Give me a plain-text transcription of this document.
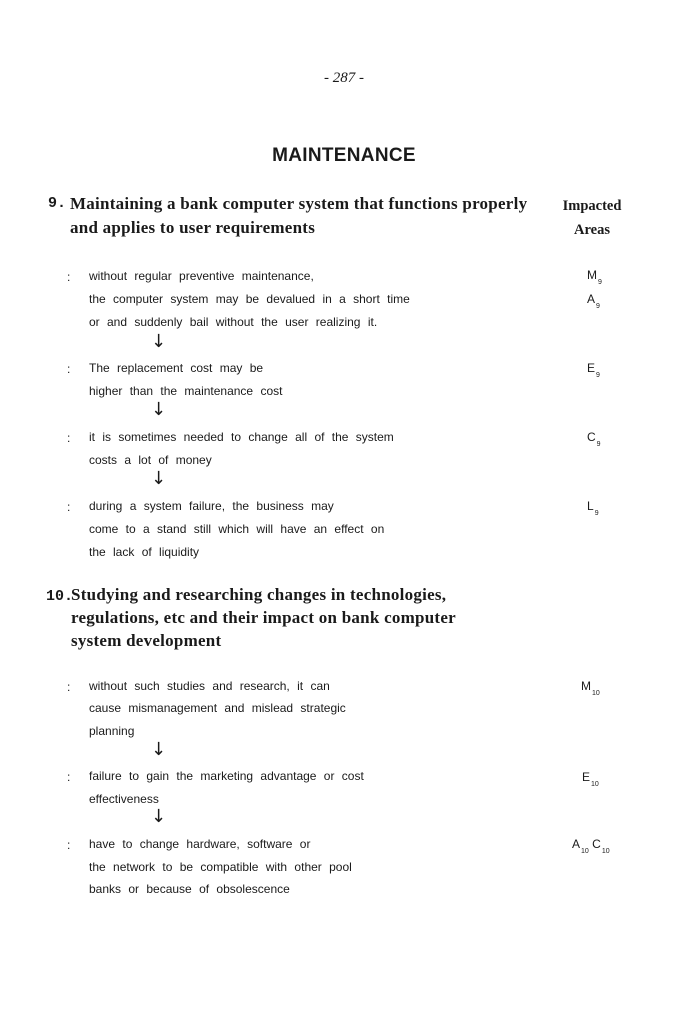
- 287 -
MAINTENANCE
9. Maintaining a bank computer system that functions properly
and applies to user requirements
Impacted
Areas
: without regular preventive maintenance,
the computer system may be devalued in a short time
or and suddenly bail without the user realizing it.
↓
$M_9$
$A_9$
: The replacement cost may be
higher than the maintenance cost
↓
$E_9$
: it is sometimes needed to change all of the system
costs a lot of money
↓
$C_9$
: during a system failure, the business may
come to a stand still which will have an effect on
the lack of liquidity
$L_9$
10.
Studying and researching changes in technologies,
regulations, etc and their impact on bank computer
system development
: without such studies and research, it can
cause mismanagement and mislead strategic
planning
↓
$M_{10}$
: failure to gain the marketing advantage or cost
effectiveness
↓
$E_{10}$
: have to change hardware, software or
the network to be compatible with other pool
banks or because of obsolescence
$A_{10}$ $C_{10}$
